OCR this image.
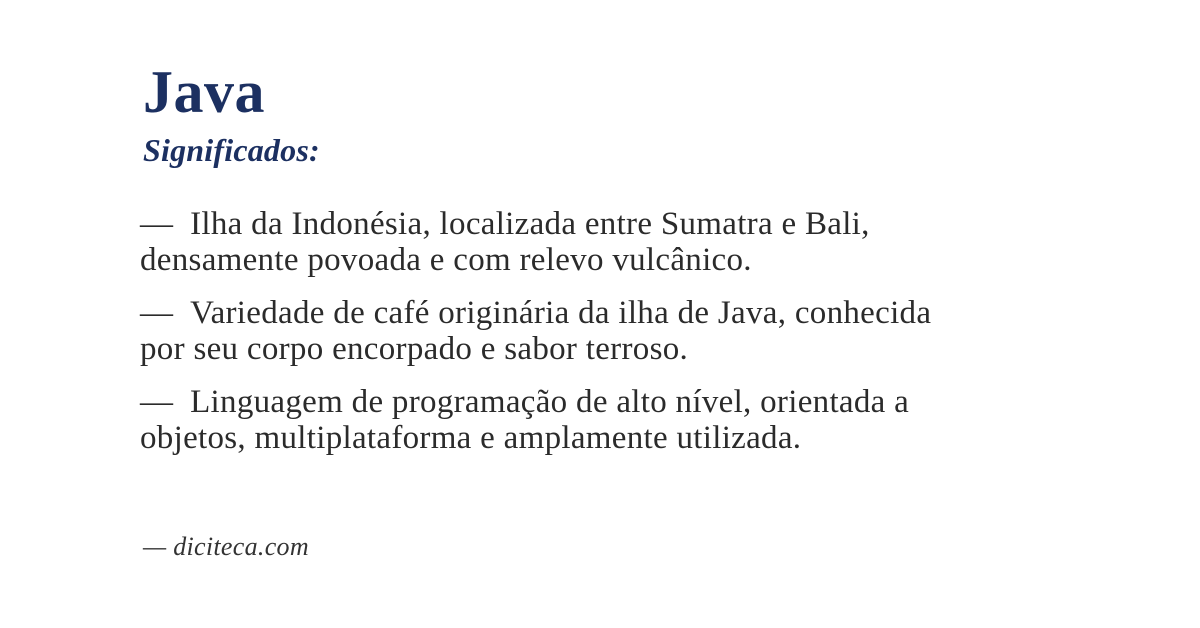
Java
Significados:
— Ilha da Indonésia, localizada entre Sumatra e Bali,
densamente povoada e com relevo vulcânico.
— Variedade de café originária da ilha de Java, conhecida
por seu corpo encorpado e sabor terroso.
— Linguagem de programação de alto nível, orientada a
objetos, multiplataforma e amplamente utilizada.
— diciteca.com
